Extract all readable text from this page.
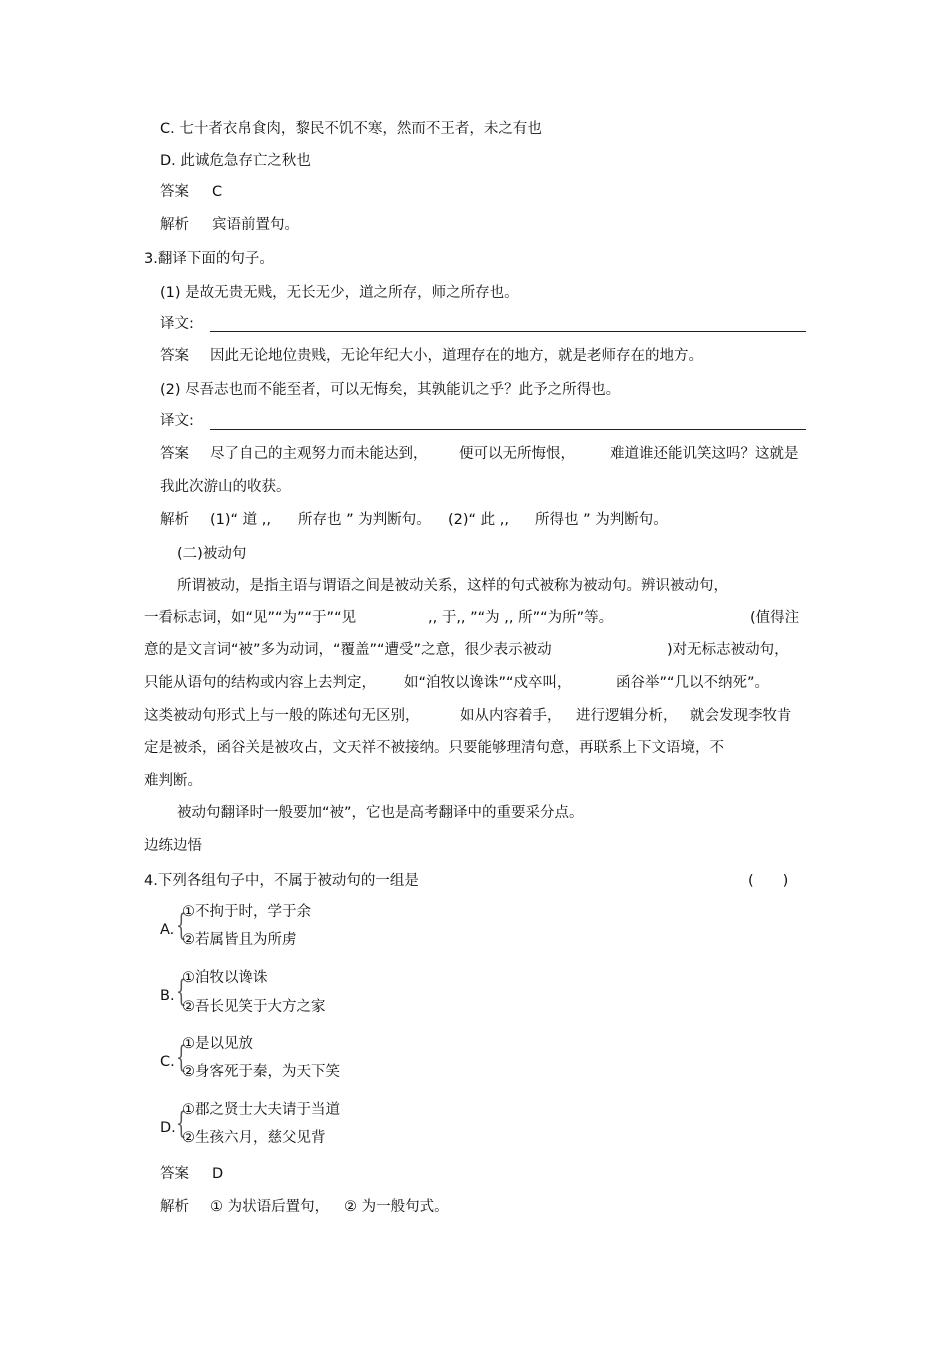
C. 七十者衣帛食肉，黎民不饥不寒，然而不王者，未之有也
D. 此诚危急存亡之秋也
答案 C
解析 宾语前置句。
3.翻译下面的句子。
(1) 是故无贵无贱，无长无少，道之所存，师之所存也。
译文:
答案 因此无论地位贵贱，无论年纪大小，道理存在的地方，就是老师存在的地方。
(2) 尽吾志也而不能至者，可以无悔矣，其孰能讥之乎？此予之所得也。
译文:
答案 尽了自己的主观努力而未能达到， 便可以无所悔恨， 难道谁还能讥笑这吗？这就是
我此次游山的收获。
解析 (1)“ 道 ,, 所存也 ” 为判断句。 (2)“ 此 ,, 所得也 ” 为判断句。
(二)被动句
所谓被动，是指主语与谓语之间是被动关系，这样的句式被称为被动句。辨识被动句，
一看标志词，如“见”“为”“于”“见	,, 于,, ”“为 ,, 所”“为所”等。	(值得注
意的是文言词“被”多为动词，“覆盖”“遭受”之意，很少表示被动	)对无标志被动句，
只能从语句的结构或内容上去判定， 如“洎牧以谗诛”“戍卒叫，	函谷举”“几以不纳死”。
这类被动句形式上与一般的陈述句无区别，	如从内容着手， 进行逻辑分析， 就会发现李牧肯
定是被杀，函谷关是被攻占，文天祥不被接纳。只要能够理清句意，再联系上下文语境，不
难判断。
被动句翻译时一般要加“被”，它也是高考翻译中的重要采分点。
边练边悟
4.下列各组句子中，不属于被动句的一组是	(　　)
A. {
①不拘于时，学于余
②若属皆且为所虏
B. {
①洎牧以谗诛
②吾长见笑于大方之家
C. {
①是以见放
②身客死于秦，为天下笑
D. {
①郡之贤士大夫请于当道
②生孩六月，慈父见背
答案 D
解析 ① 为状语后置句， ② 为一般句式。
